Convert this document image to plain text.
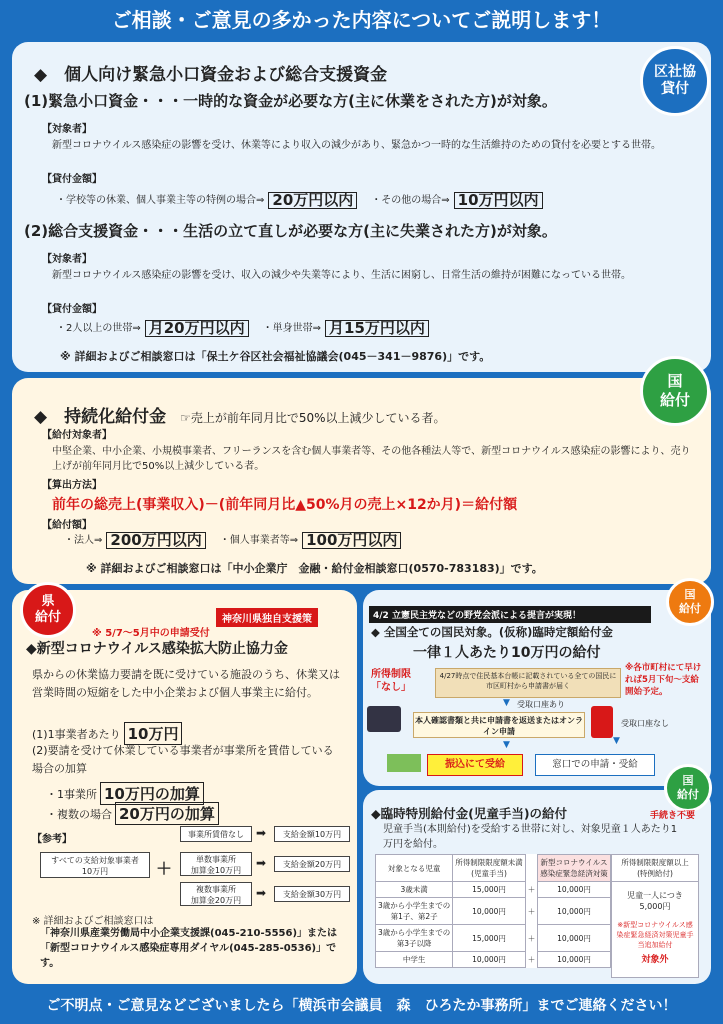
ご相談・ご意見の多かった内容についてご説明します！
◆　個人向け緊急小口資金および総合支援資金
(1)緊急小口資金・・・一時的な資金が必要な方(主に休業をされた方)が対象。
【対象者】
新型コロナウイルス感染症の影響を受け、休業等により収入の減少があり、緊急かつ一時的な生活維持のための貸付を必要とする世帯。
【貸付金額】
・学校等の休業、個人事業主等の特例の場合⇒ 20万円以内	・その他の場合⇒ 10万円以内
(2)総合支援資金・・・生活の立て直しが必要な方(主に失業された方)が対象。
【対象者】
新型コロナウイルス感染症の影響を受け、収入の減少や失業等により、生活に困窮し、日常生活の維持が困難になっている世帯。
【貸付金額】
・2人以上の世帯⇒ 月20万円以内	・単身世帯⇒ 月15万円以内
※ 詳細およびご相談窓口は「保土ケ谷区社会福祉協議会(045－341－9876)」です。
区社協
貸付
◆　持続化給付金 ☞売上が前年同月比で50%以上減少している者。
【給付対象者】
中堅企業、中小企業、小規模事業者、フリーランスを含む個人事業者等、その他各種法人等で、新型コロナウイルス感染症の影響により、売り上げが前年同月比で50%以上減少している者。
【算出方法】
前年の総売上(事業収入)－(前年同月比▲50%月の売上×12か月)＝給付額
【給付額】
・法人⇒ 200万円以内	・個人事業者等⇒ 100万円以内
※ 詳細およびご相談窓口は「中小企業庁　金融・給付金相談窓口(0570-783183)」です。
国
給付
神奈川県独自支援策
※ 5/7～5月中の申請受付
◆新型コロナウイルス感染拡大防止協力金
県からの休業協力要請を既に受けている施設のうち、休業又は営業時間の短縮をした中小企業および個人事業主に給付。
(1)1事業者あたり 10万円
(2)要請を受けて休業している事業者が事業所を賃借している場合の加算
・1事業所 10万円の加算
・複数の場合 20万円の加算
【参考】
すべての支給対象事業者
10万円	＋
事業所賃借なし	➡	支給金額10万円
単数事業所
加算金10万円
➡	支給金額20万円
複数事業所
加算金20万円
➡	支給金額30万円
※ 詳細およびご相談窓口は
「神奈川県産業労働局中小企業支援課(045-210-5556)」または「新型コロナウイルス感染症専用ダイヤル(045-285-0536)」です。
県
給付	4/2 立憲民主党などの野党会派による提言が実現！
◆ 全国全ての国民対象。(仮称)臨時定額給付金
一律１人あたり10万円の給付
所得制限
「なし」
4/27時点で住民基本台帳に記載されている全ての国民に市区町村から申請書が届く
※各市町村にて早ければ5月下旬～支給開始予定。
▼ 受取口座あり
本人確認書類と共に申請書を返送またはオンライン申請
受取口座なし
▼	▼
振込にて受給	窓口での申請・受給
国
給付
◆臨時特別給付金(児童手当)の給付
児童手当(本則給付)を受給する世帯に対し、対象児童１人あたり1万円を給付。
対象となる児童	所得制限限度額未満
(児童手当)		新型コロナウイルス
感染症緊急経済対策
3歳未満	15,000円	＋	10,000円
3歳から小学生までの
第1子、第2子	10,000円	＋	10,000円
3歳から小学生までの
第3子以降	15,000円	＋	10,000円
中学生	10,000円	＋	10,000円
所得制限限度額以上
(特例給付)
児童一人につき
5,000円
※新型コロナウイルス感染症緊急経済対策児童手当追加給付
対象外
国
給付
手続き不要
ご不明点・ご意見などございましたら「横浜市会議員　森　ひろたか事務所」までご連絡ください！
